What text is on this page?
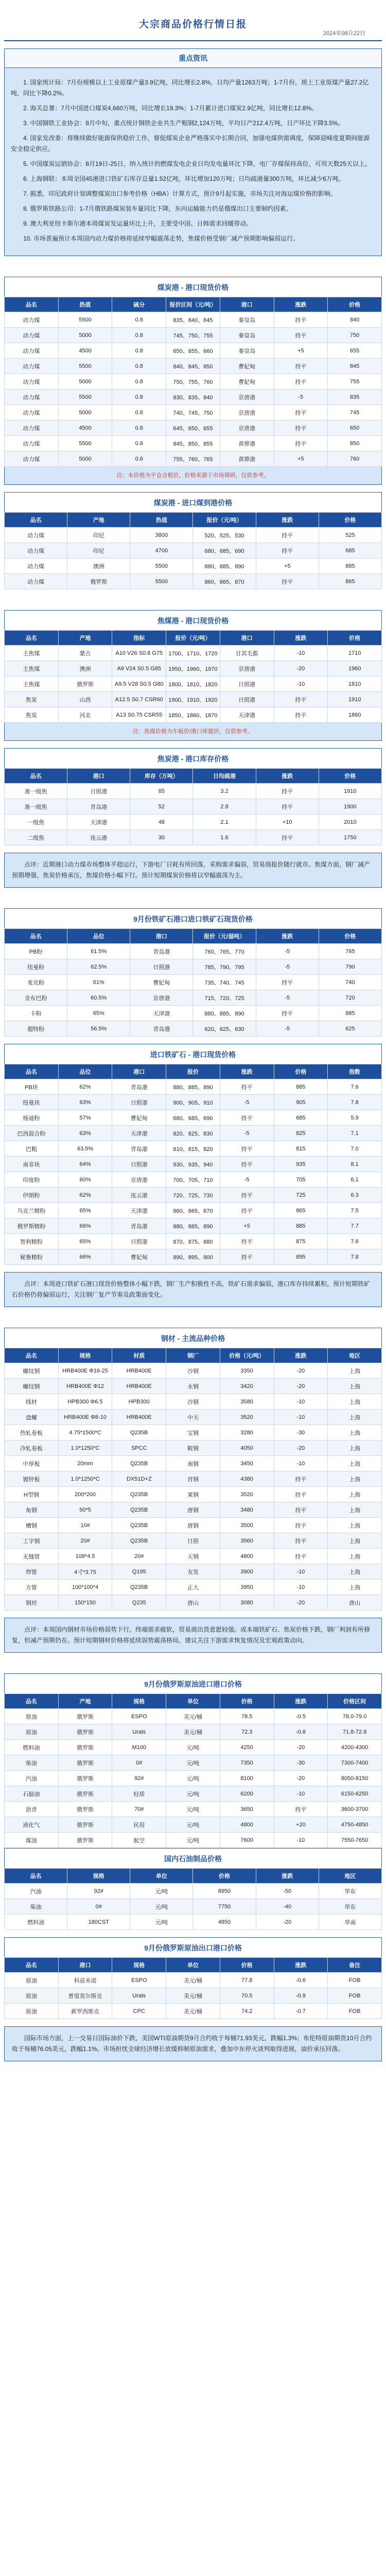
大宗商品价格行情日报
2024年08月22日
重点资讯

1. 国家统计局：7月份规模以上工业原煤产量3.9亿吨，同比增长2.8%，日均产量1263万吨；1-7月份，规上工业原煤产量27.2亿吨，同比下降0.2%。

2. 海关总署：7月中国进口煤炭4,660万吨，同比增长19.3%；1-7月累计进口煤炭2.9亿吨，同比增长12.8%。

3. 中国钢铁工业协会：8月中旬，重点统计钢铁企业共生产粗钢2,124万吨，平均日产212.4万吨，日产环比下降3.5%。

4. 国家发改委：将继续做好能源保供稳价工作，督促煤炭企业严格落实中长期合同，加强电煤供需调度，保障迎峰度夏期间能源安全稳定供应。

5. 中国煤炭运销协会：8月19日-25日，纳入统计的燃煤发电企业日均发电量环比下降，电厂存煤保持高位，可用天数25天以上。

6. 上海钢联：本周全国45港进口铁矿石库存总量1.52亿吨，环比增加120万吨；日均疏港量300万吨，环比减少6万吨。

7. 据悉，印尼政府计划调整煤炭出口参考价格（HBA）计算方式，预计9月起实施，市场关注对海运煤价格的影响。

8. 俄罗斯铁路公司：1-7月俄铁路煤炭装车量同比下降，东向运输能力仍是俄煤出口主要制约因素。

9. 澳大利亚纽卡斯尔港本周煤炭发运量环比上升，主要受中国、日韩需求回暖带动。

10. 市场普遍预计本周国内动力煤价格将延续窄幅震荡走势，焦煤价格受钢厂减产预期影响偏弱运行。

煤炭港 - 港口现货价格
品名	热值	硫分	报价区间（元/吨）	港口	涨跌	价格
动力煤	5500	0.8	835、840、845	秦皇岛	持平	840
动力煤	5000	0.8	745、750、755	秦皇岛	持平	750
动力煤	4500	0.8	650、655、660	秦皇岛	+5	655
动力煤	5500	0.8	840、845、850	曹妃甸	持平	845
动力煤	5000	0.8	750、755、760	曹妃甸	持平	755
动力煤	5500	0.8	830、835、840	京唐港	-5	835
动力煤	5000	0.8	740、745、750	京唐港	持平	745
动力煤	4500	0.8	645、650、655	京唐港	持平	650
动力煤	5500	0.6	845、850、855	黄骅港	持平	850
动力煤	5000	0.6	755、760、765	黄骅港	+5	760
注：本价格为平仓含税价，价格来源于市场调研，仅供参考。
煤炭港 - 进口煤到港价格
品名	产地	热值	报价（元/吨）	涨跌	价格
动力煤	印尼	3800	520、525、530	持平	525
动力煤	印尼	4700	680、685、690	持平	685
动力煤	澳洲	5500	880、885、890	+5	885
动力煤	俄罗斯	5500	860、865、870	持平	865
焦煤港 - 港口现货价格
品名	产地	指标	报价（元/吨）	港口	涨跌	价格
主焦煤	蒙古	A10 V26 S0.8 G75	1700、1710、1720	甘其毛都	-10	1710
主焦煤	澳洲	A9 V24 S0.5 G85	1950、1960、1970	京唐港	-20	1960
主焦煤	俄罗斯	A9.5 V28 S0.5 G80	1800、1810、1820	日照港	-10	1810
焦炭	山西	A12.5 S0.7 CSR60	1900、1910、1920	日照港	持平	1910
焦炭	河北	A13 S0.75 CSR55	1850、1860、1870	天津港	持平	1860
注：焦煤价格为车板价/港口库提价，仅供参考。
焦炭港 - 港口库存价格
品名	港口	库存（万吨）	日均疏港	涨跌	价格
准一级焦	日照港	65	3.2	持平	1910
准一级焦	青岛港	52	2.8	持平	1900
一级焦	天津港	48	2.1	+10	2010
二级焦	连云港	30	1.6	持平	1750
点评：近期港口动力煤市场整体平稳运行，下游电厂日耗有所回落，采购需求偏弱，贸易商报价随行就市。焦煤方面，钢厂减产预期增强，焦炭价格承压，焦煤价格小幅下行。预计短期煤炭价格将以窄幅震荡为主。
9月份铁矿石港口进口铁矿石现货价格
品名	品位	港口	报价（元/湿吨）	涨跌	价格
PB粉	61.5%	青岛港	760、765、770	-5	765
纽曼粉	62.5%	日照港	785、790、795	-5	790
麦克粉	61%	曹妃甸	735、740、745	持平	740
金布巴粉	60.5%	京唐港	715、720、725	-5	720
卡粉	65%	天津港	880、885、890	持平	885
超特粉	56.5%	青岛港	620、625、630	-5	625
进口铁矿石 - 港口现货价格
品名	品位	港口	报价	涨跌	价格	指数
PB块	62%	青岛港	880、885、890	持平	885	7.6
纽曼块	63%	日照港	900、905、910	-5	905	7.8
杨迪粉	57%	曹妃甸	680、685、690	持平	685	5.9
巴西混合粉	63%	天津港	820、825、830	-5	825	7.1
巴粗	63.5%	青岛港	810、815、820	持平	815	7.0
南非块	64%	日照港	930、935、940	持平	935	8.1
印度粉	60%	京唐港	700、705、710	-5	705	6.1
伊朗粉	62%	连云港	720、725、730	持平	725	6.3
乌克兰精粉	65%	天津港	860、865、870	持平	865	7.5
俄罗斯精粉	66%	青岛港	880、885、890	+5	885	7.7
智利精粉	65%	日照港	870、875、880	持平	875	7.6
秘鲁精粉	66%	曹妃甸	890、895、900	持平	895	7.8
点评：本周进口铁矿石港口现货价格整体小幅下跌，钢厂生产积极性不高，铁矿石需求偏弱，港口库存持续累积。预计短期铁矿石价格仍将偏弱运行，关注钢厂复产节奏及政策面变化。
钢材 - 主流品种价格
品名	规格	材质	钢厂	价格（元/吨）	涨跌	地区
螺纹钢	HRB400E Φ16-25	HRB400E	沙钢	3350	-20	上海
螺纹钢	HRB400E Φ12	HRB400E	永钢	3420	-20	上海
线材	HPB300 Φ6.5	HPB300	沙钢	3580	-10	上海
盘螺	HRB400E Φ8-10	HRB400E	中天	3520	-10	上海
热轧卷板	4.75*1500*C	Q235B	宝钢	3280	-30	上海
冷轧卷板	1.0*1250*C	SPCC	鞍钢	4050	-20	上海
中厚板	20mm	Q235B	南钢	3450	-10	上海
镀锌板	1.0*1250*C	DX51D+Z	首钢	4380	持平	上海
H型钢	200*200	Q235B	莱钢	3520	持平	上海
角钢	50*5	Q235B	唐钢	3480	持平	上海
槽钢	10#	Q235B	唐钢	3500	持平	上海
工字钢	20#	Q235B	日照	3560	持平	上海
无缝管	108*4.5	20#	天钢	4800	持平	上海
焊管	4寸*3.75	Q195	友发	3900	-10	上海
方管	100*100*4	Q235B	正大	3950	-10	上海
钢坯	150*150	Q235	唐山	3080	-20	唐山
点评：本周国内钢材市场价格弱势下行，终端需求疲软，贸易商出货意愿较强。成本端铁矿石、焦炭价格下跌，钢厂利润有所修复，但减产预期仍在。预计短期钢材价格将延续弱势震荡格局，建议关注下游需求恢复情况及宏观政策动向。
9月份俄罗斯原油进口港口价格
品名	产地	规格	单位	价格	涨跌	价格区间
原油	俄罗斯	ESPO	美元/桶	78.5	-0.5	78.0-79.0
原油	俄罗斯	Urals	美元/桶	72.3	-0.8	71.8-72.8
燃料油	俄罗斯	M100	元/吨	4250	-20	4200-4300
柴油	俄罗斯	0#	元/吨	7350	-30	7300-7400
汽油	俄罗斯	92#	元/吨	8100	-20	8050-8150
石脑油	俄罗斯	轻质	元/吨	6200	-10	6150-6250
沥青	俄罗斯	70#	元/吨	3650	持平	3600-3700
液化气	俄罗斯	民用	元/吨	4800	+20	4750-4850
煤油	俄罗斯	航空	元/吨	7600	-10	7550-7650
国内石油制品价格
品名	规格	单位	价格	涨跌	地区
汽油	92#	元/吨	8950	-50	华东
柴油	0#	元/吨	7750	-40	华东
燃料油	180CST	元/吨	4850	-20	华南
9月份俄罗斯原油出口港口价格
品名	港口	规格	单位	价格	涨跌	备注
原油	科兹米诺	ESPO	美元/桶	77.8	-0.6	FOB
原油	普里莫尔斯克	Urals	美元/桶	70.5	-0.9	FOB
原油	新罗西斯克	CPC	美元/桶	74.2	-0.7	FOB
国际市场方面，上一交易日国际油价下跌，美国WTI原油期货9月合约收于每桶71.93美元，跌幅1.3%；布伦特原油期货10月合约收于每桶76.05美元，跌幅1.1%。市场担忧全球经济增长放缓抑制原油需求，叠加中东停火谈判取得进展，油价承压回落。
